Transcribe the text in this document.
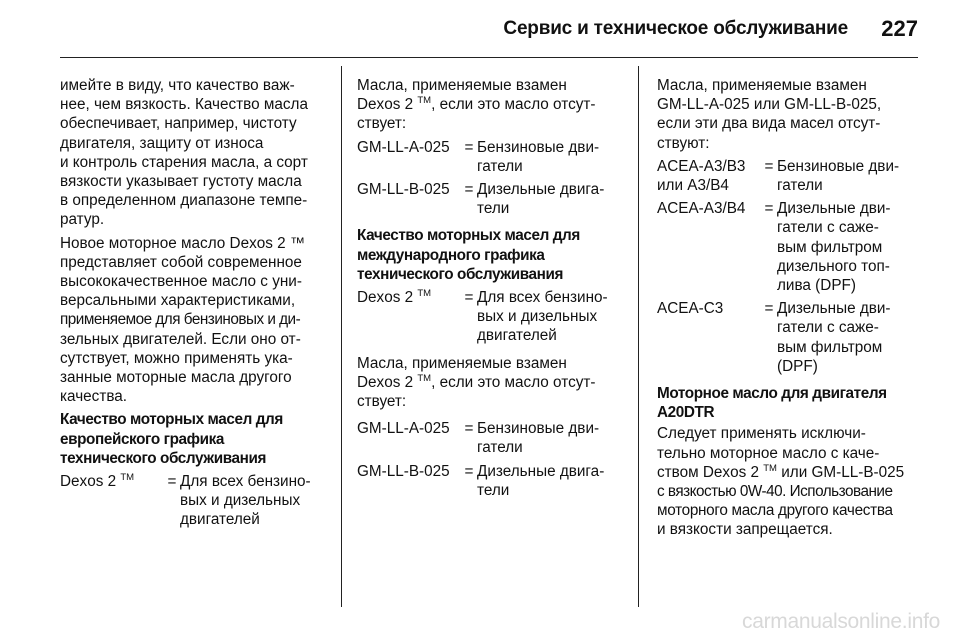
Сервис и техническое обслуживание 227

имейте в виду, что качество важ-
нее, чем вязкость. Качество масла
обеспечивает, например, чистоту
двигателя, защиту от износа
и контроль старения масла, а сорт
вязкости указывает густоту масла
в определенном диапазоне темпе-
ратур.

Новое моторное масло Dexos 2 ™
представляет собой современное
высококачественное масло с уни-
версальными характеристиками,
применяемое для бензиновых и ди-
зельных двигателей. Если оно от-
сутствует, можно применять ука-
занные моторные масла другого
качества.

Качество моторных масел для
европейского графика
технического обслуживания
Dexos 2 ™	= Для всех бензино-
вых и дизельных
двигателей

Масла, применяемые взамен
Dexos 2 ™, если это масло отсут-
ствует:

GM-LL-A-025 = Бензиновые дви-
гатели
GM-LL-B-025 = Дизельные двига-
тели
Качество моторных масел для
международного графика
технического обслуживания
Dexos 2 ™	= Для всех бензино-
вых и дизельных
двигателей

Масла, применяемые взамен
Dexos 2 ™, если это масло отсут-
ствует:

GM-LL-A-025 = Бензиновые дви-
гатели
GM-LL-B-025 = Дизельные двига-
тели

Масла, применяемые взамен
GM-LL-A-025 или GM-LL-B-025,
если эти два вида масел отсут-
ствуют:

ACEA-A3/B3
или A3/B4
= Бензиновые дви-
гатели
ACEA-A3/B4	= Дизельные дви-
гатели с саже-
вым фильтром
дизельного топ-
лива (DPF)
ACEA-C3	= Дизельные дви-
гатели с саже-
вым фильтром
(DPF)
Моторное масло для двигателя
A20DTR

Следует применять исключи-
тельно моторное масло с каче-
ством Dexos 2 ™ или GM-LL-B-025
с вязкостью 0W-40. Использование
моторного масла другого качества
и вязкости запрещается.

carmanualsonline.info
